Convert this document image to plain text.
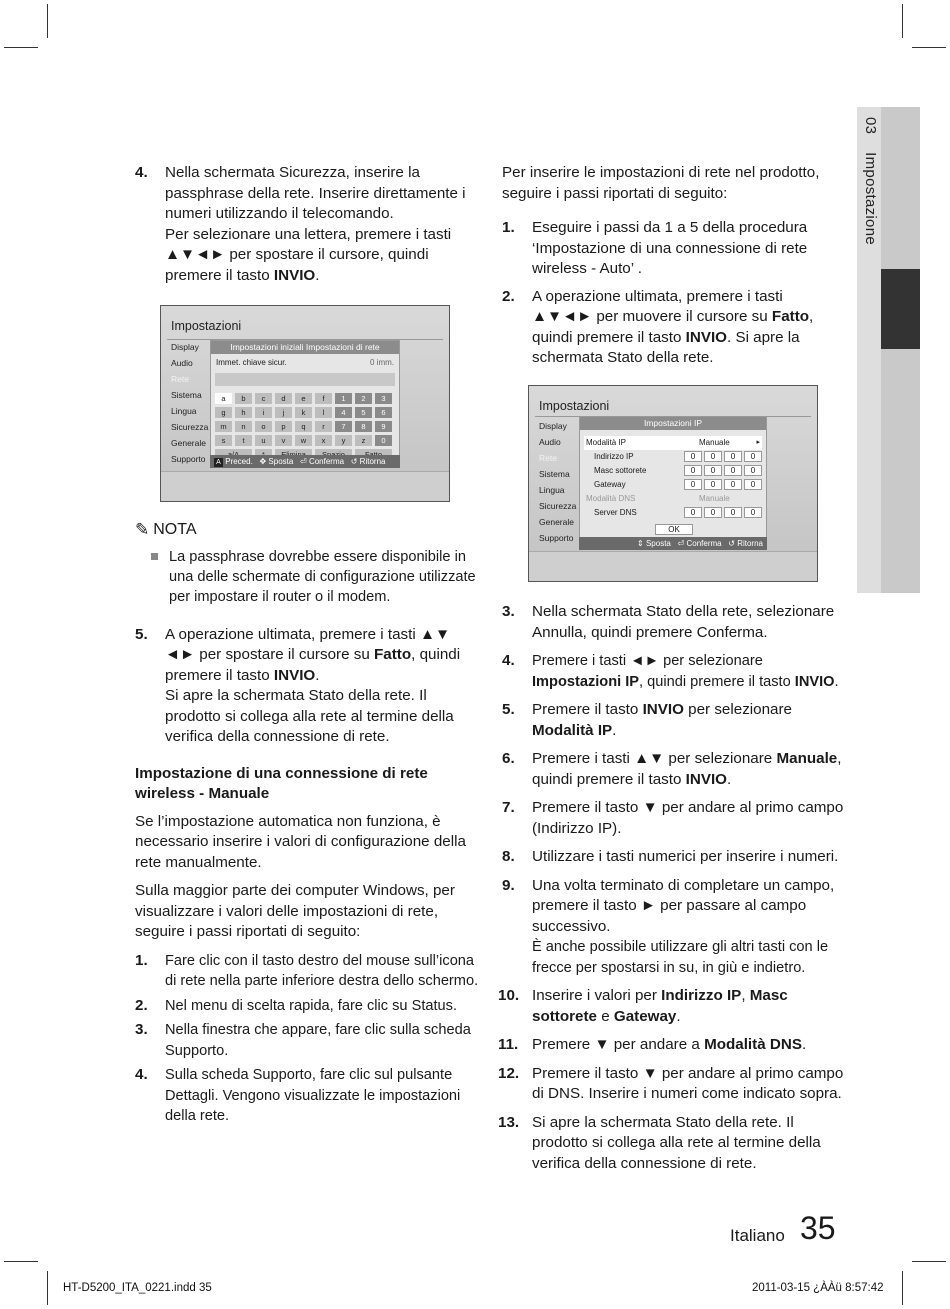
03    Impostazione
4. Nella schermata Sicurezza, inserire la passphrase della rete. Inserire direttamente i numeri utilizzando il telecomando.

Per selezionare una lettera, premere i tasti ▲▼◄► per spostare il cursore, quindi premere il tasto INVIO.

Impostazioni
Display
Audio
Rete
Sistema
Lingua
Sicurezza
Generale
Supporto
Impostazioni iniziali Impostazioni di rete
Immet. chiave sicur.	0 imm.
a	b	c	d	e	f	1	2	3
g	h	i	j	k	l	4	5	6
m	n	o	p	q	r	7	8	9
s	t	u	v	w	x	y	z	0
A Preced. ✥ Sposta ⏎ Conferma ↺ Ritorna
✎ NOTA
La passphrase dovrebbe essere disponibile in una delle schermate di configurazione utilizzate per impostare il router o il modem.
5. A operazione ultimata, premere i tasti ▲▼ ◄► per spostare il cursore su Fatto, quindi premere il tasto INVIO.

Si apre la schermata Stato della rete. Il prodotto si collega alla rete al termine della verifica della connessione di rete.

Impostazione di una connessione di rete wireless - Manuale

Se l’impostazione automatica non funziona, è necessario inserire i valori di configurazione della rete manualmente.

Sulla maggior parte dei computer Windows, per visualizzare i valori delle impostazioni di rete, seguire i passi riportati di seguito:

1. Fare clic con il tasto destro del mouse sull’icona di rete nella parte inferiore destra dello schermo.

2. Nel menu di scelta rapida, fare clic su Status.

3. Nella finestra che appare, fare clic sulla scheda Supporto.

4. Sulla scheda Supporto, fare clic sul pulsante Dettagli. Vengono visualizzate le impostazioni della rete.

Per inserire le impostazioni di rete nel prodotto, seguire i passi riportati di seguito:

1. Eseguire i passi da 1 a 5 della procedura ‘Impostazione di una connessione di rete wireless - Auto’ .

2. A operazione ultimata, premere i tasti ▲▼◄► per muovere il cursore su Fatto, quindi premere il tasto INVIO. Si apre la schermata Stato della rete.

Impostazioni
Display
Audio
Rete
Sistema
Lingua
Sicurezza
Generale
Supporto
Impostazioni IP
Modalità IP	Manuale	▸
Indirizzo IP	0	0	0	0
Masc sottorete	0	0	0	0
Gateway	0	0	0	0
Modalità DNS	Manuale
Server DNS	0	0	0	0
OK
⇕ Sposta ⏎ Conferma ↺ Ritorna
3. Nella schermata Stato della rete, selezionare Annulla, quindi premere Conferma.

4. Premere i tasti ◄► per selezionare Impostazioni IP, quindi premere il tasto INVIO.

5. Premere il tasto INVIO per selezionare Modalità IP.

6. Premere i tasti ▲▼ per selezionare Manuale, quindi premere il tasto INVIO.

7. Premere il tasto ▼ per andare al primo campo (Indirizzo IP).

8. Utilizzare i tasti numerici per inserire i numeri.

9. Una volta terminato di completare un campo, premere il tasto ► per passare al campo successivo.

È anche possibile utilizzare gli altri tasti con le frecce per spostarsi in su, in giù e indietro.

10. Inserire i valori per Indirizzo IP, Masc sottorete e Gateway.

11. Premere ▼ per andare a Modalità DNS.

12. Premere il tasto ▼ per andare al primo campo di DNS. Inserire i numeri come indicato sopra.

13. Si apre la schermata Stato della rete. Il prodotto si collega alla rete al termine della verifica della connessione di rete.

Italiano 35
HT-D5200_ITA_0221.indd 35	2011-03-15 ¿ÀÀü 8:57:42
